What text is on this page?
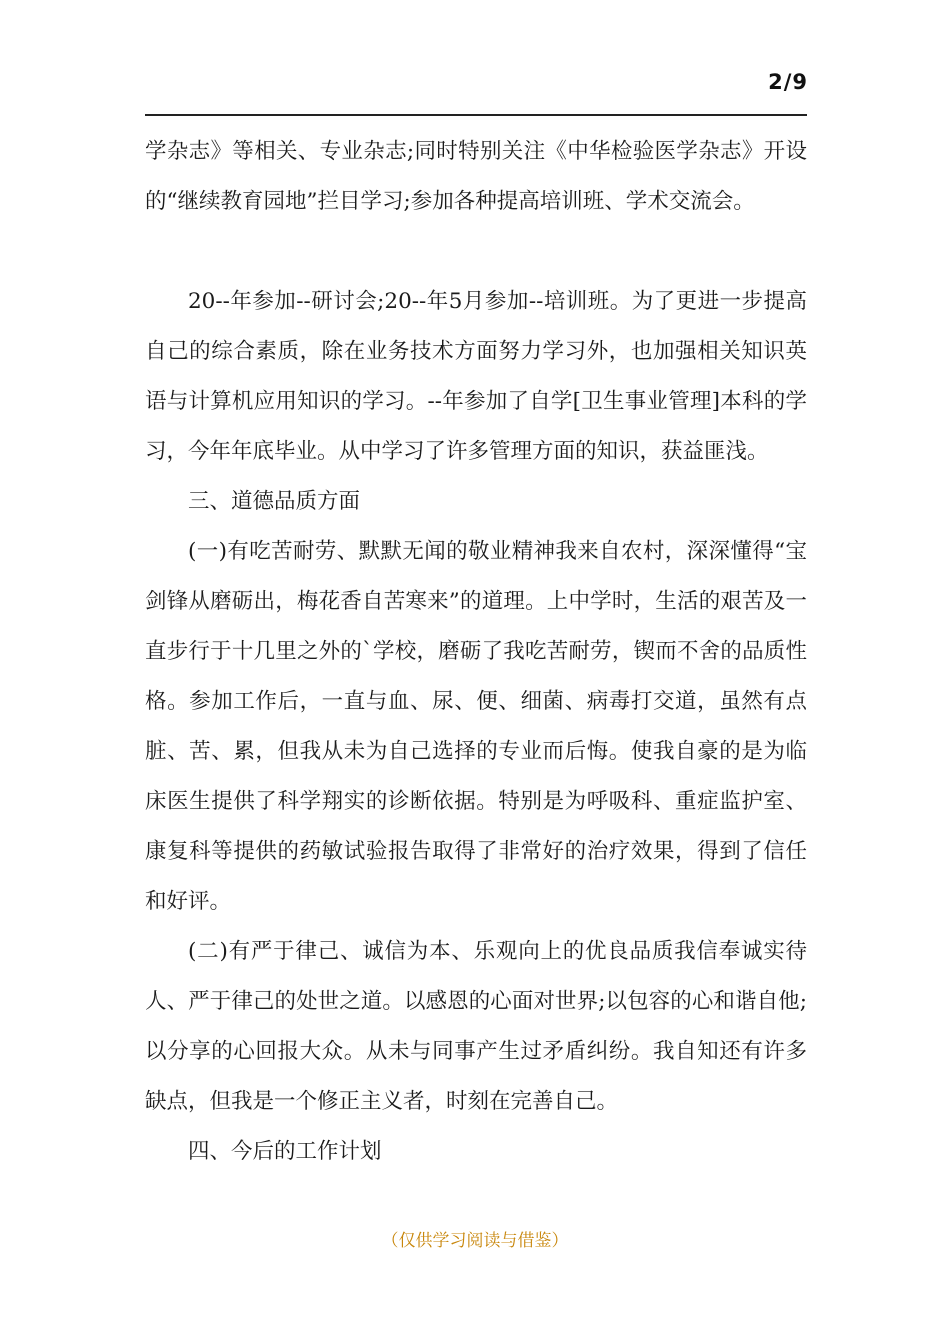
2/9

学杂志》等相关、专业杂志;同时特别关注《中华检验医学杂志》开设的“继续教育园地”拦目学习;参加各种提高培训班、学术交流会。

20--年参加--研讨会;20--年5月参加--培训班。为了更进一步提高自己的综合素质，除在业务技术方面努力学习外，也加强相关知识英语与计算机应用知识的学习。--年参加了自学[卫生事业管理]本科的学习，今年年底毕业。从中学习了许多管理方面的知识，获益匪浅。

三、道德品质方面

(一)有吃苦耐劳、默默无闻的敬业精神我来自农村，深深懂得“宝剑锋从磨砺出，梅花香自苦寒来”的道理。上中学时，生活的艰苦及一直步行于十几里之外的`学校，磨砺了我吃苦耐劳，锲而不舍的品质性格。参加工作后，一直与血、尿、便、细菌、病毒打交道，虽然有点脏、苦、累，但我从未为自己选择的专业而后悔。使我自豪的是为临床医生提供了科学翔实的诊断依据。特别是为呼吸科、重症监护室、康复科等提供的药敏试验报告取得了非常好的治疗效果，得到了信任和好评。

(二)有严于律己、诚信为本、乐观向上的优良品质我信奉诚实待人、严于律己的处世之道。以感恩的心面对世界;以包容的心和谐自他;以分享的心回报大众。从未与同事产生过矛盾纠纷。我自知还有许多缺点，但我是一个修正主义者，时刻在完善自己。

四、今后的工作计划

（仅供学习阅读与借鉴）
